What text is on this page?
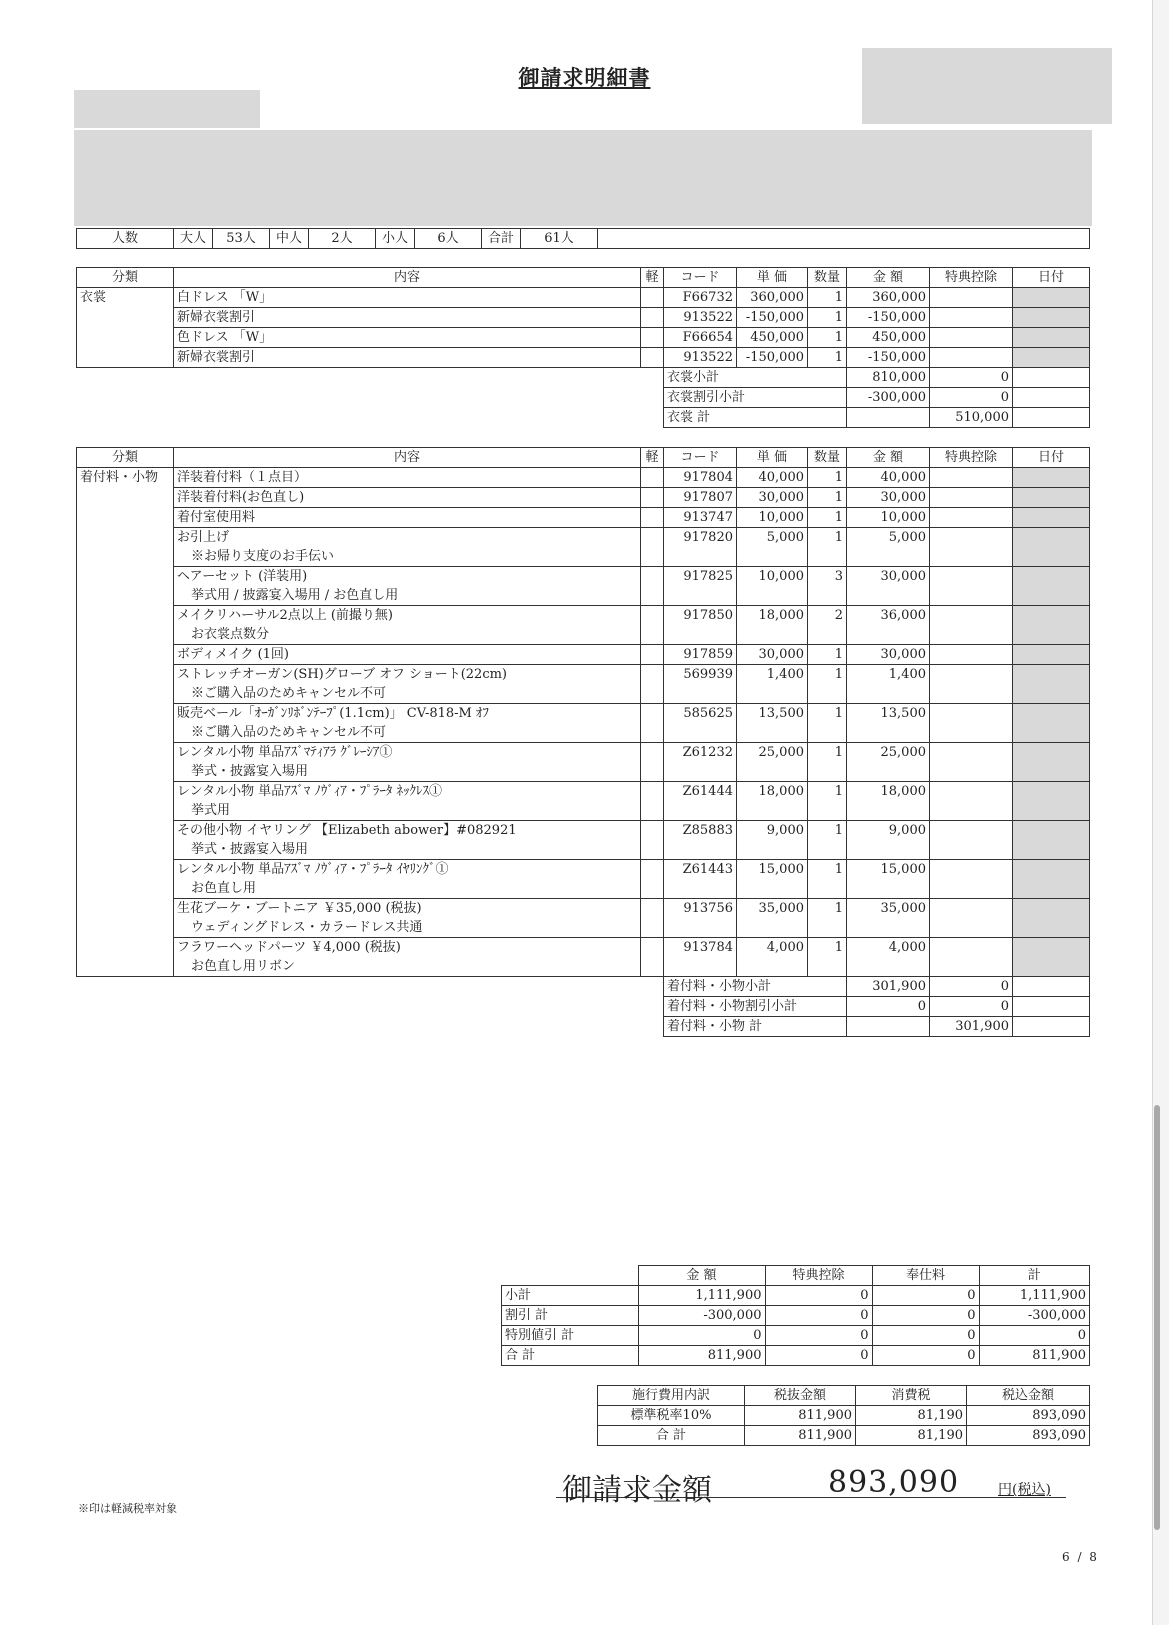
御請求明細書
人数	大人	53人	中人	2人	小人	6人	合計	61人	
分類	内容	軽	コード	単 価	数量	金 額	特典控除	日付
衣裳	白ドレス 「W」		F66732	360,000	1	360,000		

	新婦衣裳割引		913522	-150,000	1	-150,000		

	色ドレス 「W」		F66654	450,000	1	450,000		

	新婦衣裳割引		913522	-150,000	1	-150,000		
			衣裳小計			810,000	0	
			衣裳割引小計			-300,000	0	
			衣裳 計				510,000	
分類	内容	軽	コード	単 価	数量	金 額	特典控除	日付
着付料・小物	洋装着付料（１点目）		917804	40,000	1	40,000		

	洋装着付料(お色直し)		917807	30,000	1	30,000		

	着付室使用料		913747	10,000	1	10,000		

	お引上げ
※お帰り支度のお手伝い		917820	5,000	1	5,000		

	ヘアーセット (洋装用)
挙式用 / 披露宴入場用 / お色直し用		917825	10,000	3	30,000		

	メイクリハーサル2点以上 (前撮り無)
お衣裳点数分		917850	18,000	2	36,000		

	ボディメイク (1回)		917859	30,000	1	30,000		

	ストレッチオーガン(SH)グローブ オフ ショート(22cm)
※ご購入品のためキャンセル不可		569939	1,400	1	1,400		

	販売ベール「ｵｰｶﾞﾝﾘﾎﾞﾝﾃｰﾌﾟ(1.1cm)」 CV-818-M ｵﾌ
※ご購入品のためキャンセル不可		585625	13,500	1	13,500		

	レンタル小物 単品ｱｽﾞﾏﾃｨｱﾗ ｸﾞﾚｰｼｱ①
挙式・披露宴入場用		Z61232	25,000	1	25,000		

	レンタル小物 単品ｱｽﾞﾏ ﾉｳﾞｨｱ・ﾌﾟﾗｰﾀ ﾈｯｸﾚｽ①
挙式用		Z61444	18,000	1	18,000		

	その他小物 イヤリング 【Elizabeth abower】#082921
挙式・披露宴入場用		Z85883	9,000	1	9,000		

	レンタル小物 単品ｱｽﾞﾏ ﾉｳﾞｨｱ・ﾌﾟﾗｰﾀ ｲﾔﾘﾝｸﾞ①
お色直し用		Z61443	15,000	1	15,000		

	生花ブーケ・ブートニア ￥35,000 (税抜)
ウェディングドレス・カラードレス共通		913756	35,000	1	35,000		

	フラワーヘッドパーツ ￥4,000 (税抜)
お色直し用リボン		913784	4,000	1	4,000		
			着付料・小物小計			301,900	0	
			着付料・小物割引小計			0	0	
			着付料・小物 計				301,900	
	金 額	特典控除	奉仕料	計
小計	1,111,900	0	0	1,111,900
割引 計	-300,000	0	0	-300,000
特別値引 計	0	0	0	0
合 計	811,900	0	0	811,900
施行費用内訳	税抜金額	消費税	税込金額
標準税率10%	811,900	81,190	893,090
合 計	811,900	81,190	893,090
御請求金額	893,090	円(税込)
※印は軽減税率対象
6 / 8
